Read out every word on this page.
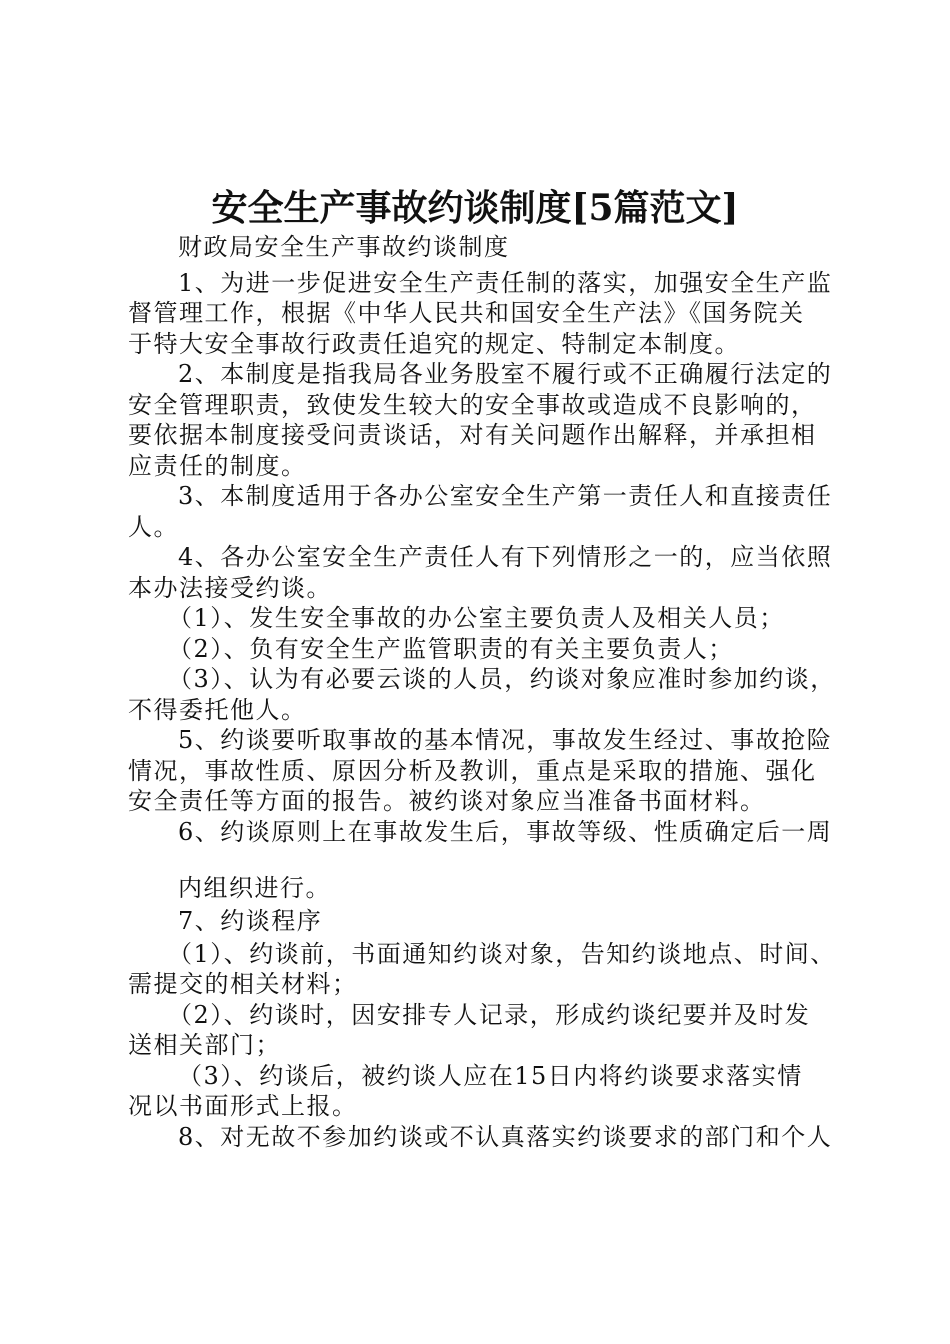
安全生产事故约谈制度[5篇范文]
财政局安全生产事故约谈制度
1、为进一步促进安全生产责任制的落实，加强安全生产监
督管理工作，根据《中华人民共和国安全生产法》《国务院关
于特大安全事故行政责任追究的规定、特制定本制度。
2、本制度是指我局各业务股室不履行或不正确履行法定的
安全管理职责，致使发生较大的安全事故或造成不良影响的，
要依据本制度接受问责谈话，对有关问题作出解释，并承担相
应责任的制度。
3、本制度适用于各办公室安全生产第一责任人和直接责任
人。
4、各办公室安全生产责任人有下列情形之一的，应当依照
本办法接受约谈。
（1）、发生安全事故的办公室主要负责人及相关人员；
（2）、负有安全生产监管职责的有关主要负责人；
（3）、认为有必要云谈的人员，约谈对象应准时参加约谈，
不得委托他人。
5、约谈要听取事故的基本情况，事故发生经过、事故抢险
情况，事故性质、原因分析及教训，重点是采取的措施、强化
安全责任等方面的报告。被约谈对象应当准备书面材料。
6、约谈原则上在事故发生后，事故等级、性质确定后一周
内组织进行。
7、约谈程序
（1）、约谈前，书面通知约谈对象，告知约谈地点、时间、
需提交的相关材料；
（2）、约谈时，因安排专人记录，形成约谈纪要并及时发
送相关部门；
（3）、约谈后，被约谈人应在15日内将约谈要求落实情
况以书面形式上报。
8、对无故不参加约谈或不认真落实约谈要求的部门和个人
